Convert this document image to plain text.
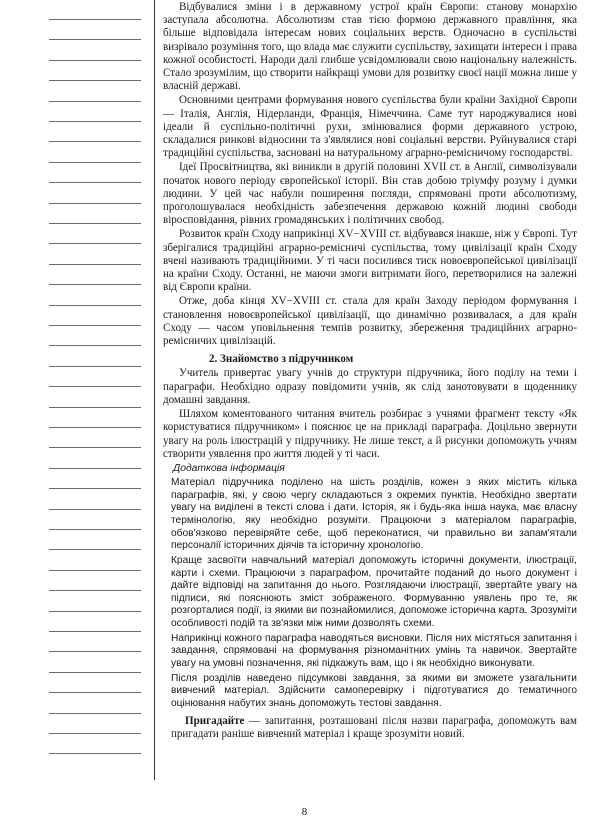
Відбувалися зміни і в державному устрої країн Європи: станову монархію заступала абсолютна. Абсолютизм став тією формою державного правління, яка більше відповідала інтересам нових соціальних верств. Одночасно в суспільстві визрівало розуміння того, що влада має служити суспільству, захищати інтереси і права кожної особистості. Народи далі глибше усвідомлювали свою національну належність. Стало зрозумілим, що створити найкращі умови для розвитку своєї нації можна лише у власній державі.

Основними центрами формування нового суспільства були країни Західної Європи — Італія, Англія, Нідерланди, Франція, Німеччина. Саме тут народжувалися нові ідеали й суспільно-політичні рухи, змінювалися форми державного устрою, складалися ринкові відносини та з'являлися нові соціальні верстви. Руйнувалися старі традиційні суспільства, засновані на натуральному аграрно-ремісничому господарстві.

Ідеї Просвітництва, які виникли в другій половині XVII ст. в Англії, символізували початок нового періоду європейської історії. Він став добою тріумфу розуму і думки людини. У цей час набули поширення погляди, спрямовані проти абсолютизму, проголошувалася необхідність забезпечення державою кожній людині свободи віросповідання, рівних громадянських і політичних свобод.

Розвиток країн Сходу наприкінці XV−XVIII ст. відбувався інакше, ніж у Європі. Тут зберігалися традиційні аграрно-ремісничі суспільства, тому цивілізації країн Сходу вчені називають традиційними. У ті часи посилився тиск новоєвропейської цивілізації на країни Сходу. Останні, не маючи змоги витримати його, перетворилися на залежні від Європи країни.

Отже, доба кінця XV−XVIII ст. стала для країн Заходу періодом формування і становлення новоєвропейської цивілізації, що динамічно розвивалася, а для країн Сходу — часом уповільнення темпів розвитку, збереження традиційних аграрно-ремісничих цивілізацій.

2. Знайомство з підручником

Учитель привертає увагу учнів до структури підручника, його поділу на теми і параграфи. Необхідно одразу повідомити учнів, як слід занотовувати в щоденнику домашні завдання.

Шляхом коментованого читання вчитель розбирає з учнями фрагмент тексту «Як користуватися підручником» і пояснює це на прикладі параграфа. Доцільно звернути увагу на роль ілюстрацій у підручнику. Не лише текст, а й рисунки допоможуть учням створити уявлення про життя людей у ті часи.

Додаткова інформація

Матеріал підручника поділено на шість розділів, кожен з яких містить кілька параграфів, які, у свою чергу складаються з окремих пунктів. Необхідно звертати увагу на виділені в тексті слова і дати. Історія, як і будь-яка інша наука, має власну термінологію, яку необхідно розуміти. Працюючи з матеріалом параграфів, обов'язково перевіряйте себе, щоб переконатися, чи правильно ви запам'ятали персоналії історичних діячів та історичну хронологію.

Краще засвоїти навчальний матеріал допоможуть історичні документи, ілюстрації, карти і схеми. Працюючи з параграфом, прочитайте поданий до нього документ і дайте відповіді на запитання до нього. Розглядаючи ілюстрації, звертайте увагу на підписи, які пояснюють зміст зображеного. Формуванню уявлень про те, як розгорталися події, із якими ви познайомилися, допоможе історична карта. Зрозуміти особливості подій та зв'язки між ними дозволять схеми.

Наприкінці кожного параграфа наводяться висновки. Після них містяться запитання і завдання, спрямовані на формування різноманітних умінь та навичок. Звертайте увагу на умовні позначення, які підкажуть вам, що і як необхідно виконувати.

Після розділів наведено підсумкові завдання, за якими ви зможете узагальнити вивчений матеріал. Здійснити самоперевірку і підготуватися до тематичного оцінювання набутих знань допоможуть тестові завдання.

Пригадайте — запитання, розташовані після назви параграфа, допоможуть вам пригадати раніше вивчений матеріал і краще зрозуміти новий.

8
